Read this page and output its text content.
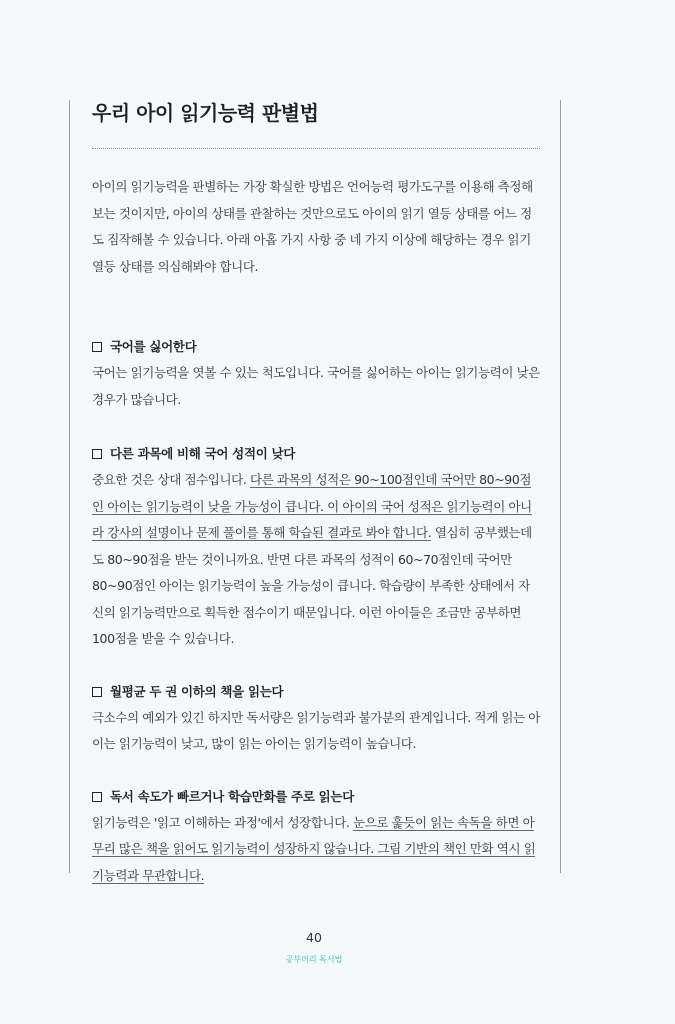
우리 아이 읽기능력 판별법

아이의 읽기능력을 판별하는 가장 확실한 방법은 언어능력 평가도구를 이용해 측정해보는 것이지만, 아이의 상태를 관찰하는 것만으로도 아이의 읽기 열등 상태를 어느 정도 짐작해볼 수 있습니다. 아래 아홉 가지 사항 중 네 가지 이상에 해당하는 경우 읽기 열등 상태를 의심해봐야 합니다.

국어를 싫어한다
국어는 읽기능력을 엿볼 수 있는 척도입니다. 국어를 싫어하는 아이는 읽기능력이 낮은 경우가 많습니다.
다른 과목에 비해 국어 성적이 낮다
중요한 것은 상대 점수입니다. 다른 과목의 성적은 90~100점인데 국어만 80~90점인 아이는 읽기능력이 낮을 가능성이 큽니다. 이 아이의 국어 성적은 읽기능력이 아니라 강사의 설명이나 문제 풀이를 통해 학습된 결과로 봐야 합니다. 열심히 공부했는데도 80~90점을 받는 것이니까요. 반면 다른 과목의 성적이 60~70점인데 국어만 80~90점인 아이는 읽기능력이 높을 가능성이 큽니다. 학습량이 부족한 상태에서 자신의 읽기능력만으로 획득한 점수이기 때문입니다. 이런 아이들은 조금만 공부하면 100점을 받을 수 있습니다.
월평균 두 권 이하의 책을 읽는다
극소수의 예외가 있긴 하지만 독서량은 읽기능력과 불가분의 관계입니다. 적게 읽는 아이는 읽기능력이 낮고, 많이 읽는 아이는 읽기능력이 높습니다.
독서 속도가 빠르거나 학습만화를 주로 읽는다
읽기능력은 '읽고 이해하는 과정'에서 성장합니다. 눈으로 훑듯이 읽는 속독을 하면 아무리 많은 책을 읽어도 읽기능력이 성장하지 않습니다. 그림 기반의 책인 만화 역시 읽기능력과 무관합니다.
40
공부머리 독서법
